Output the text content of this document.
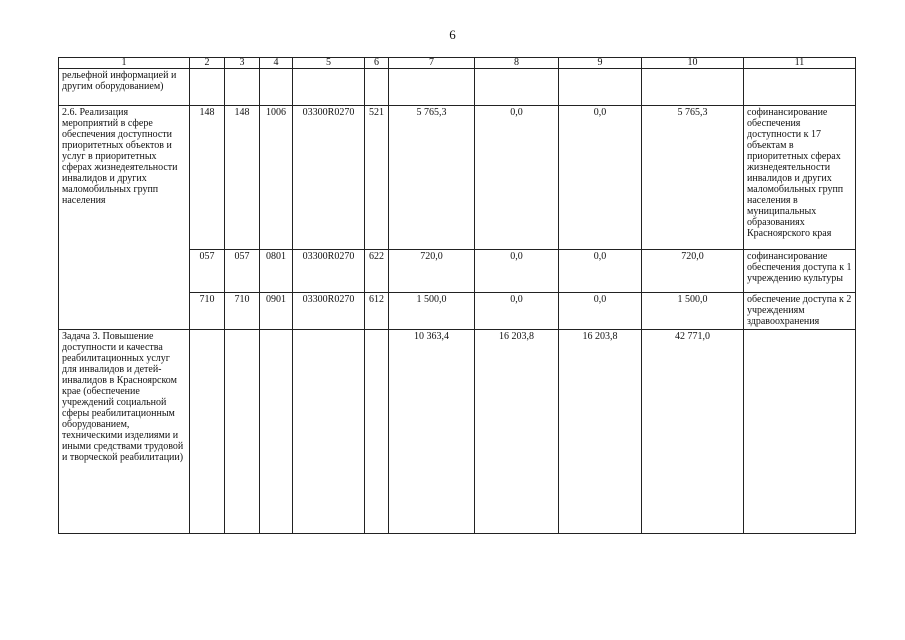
6
1	2	3	4	5	6	7	8	9	10	11
рельефной информацией и другим оборудованием)										
2.6. Реализация мероприятий в сфере обеспечения доступности приоритетных объектов и услуг в приоритетных сферах жизнедеятельности инвалидов и других маломобильных групп населения	148	148	1006	03300R0270	521	5 765,3	0,0	0,0	5 765,3	софинансирование обеспечения доступности к 17 объектам в приоритетных сферах жизнедеятельности инвалидов и других маломобильных групп населения в муниципальных образованиях Красноярского края
	057	057	0801	03300R0270	622	720,0	0,0	0,0	720,0	софинансирование обеспечения доступа к 1 учреждению культуры
	710	710	0901	03300R0270	612	1 500,0	0,0	0,0	1 500,0	обеспечение доступа к 2 учреждениям здравоохранения
Задача 3. Повышение доступности и качества реабилитационных услуг для инвалидов и детей-инвалидов в Красноярском крае (обеспечение учреждений социальной сферы реабилитационным оборудованием, техническими изделиями и иными средствами трудовой и творческой реабилитации)						10 363,4	16 203,8	16 203,8	42 771,0	
